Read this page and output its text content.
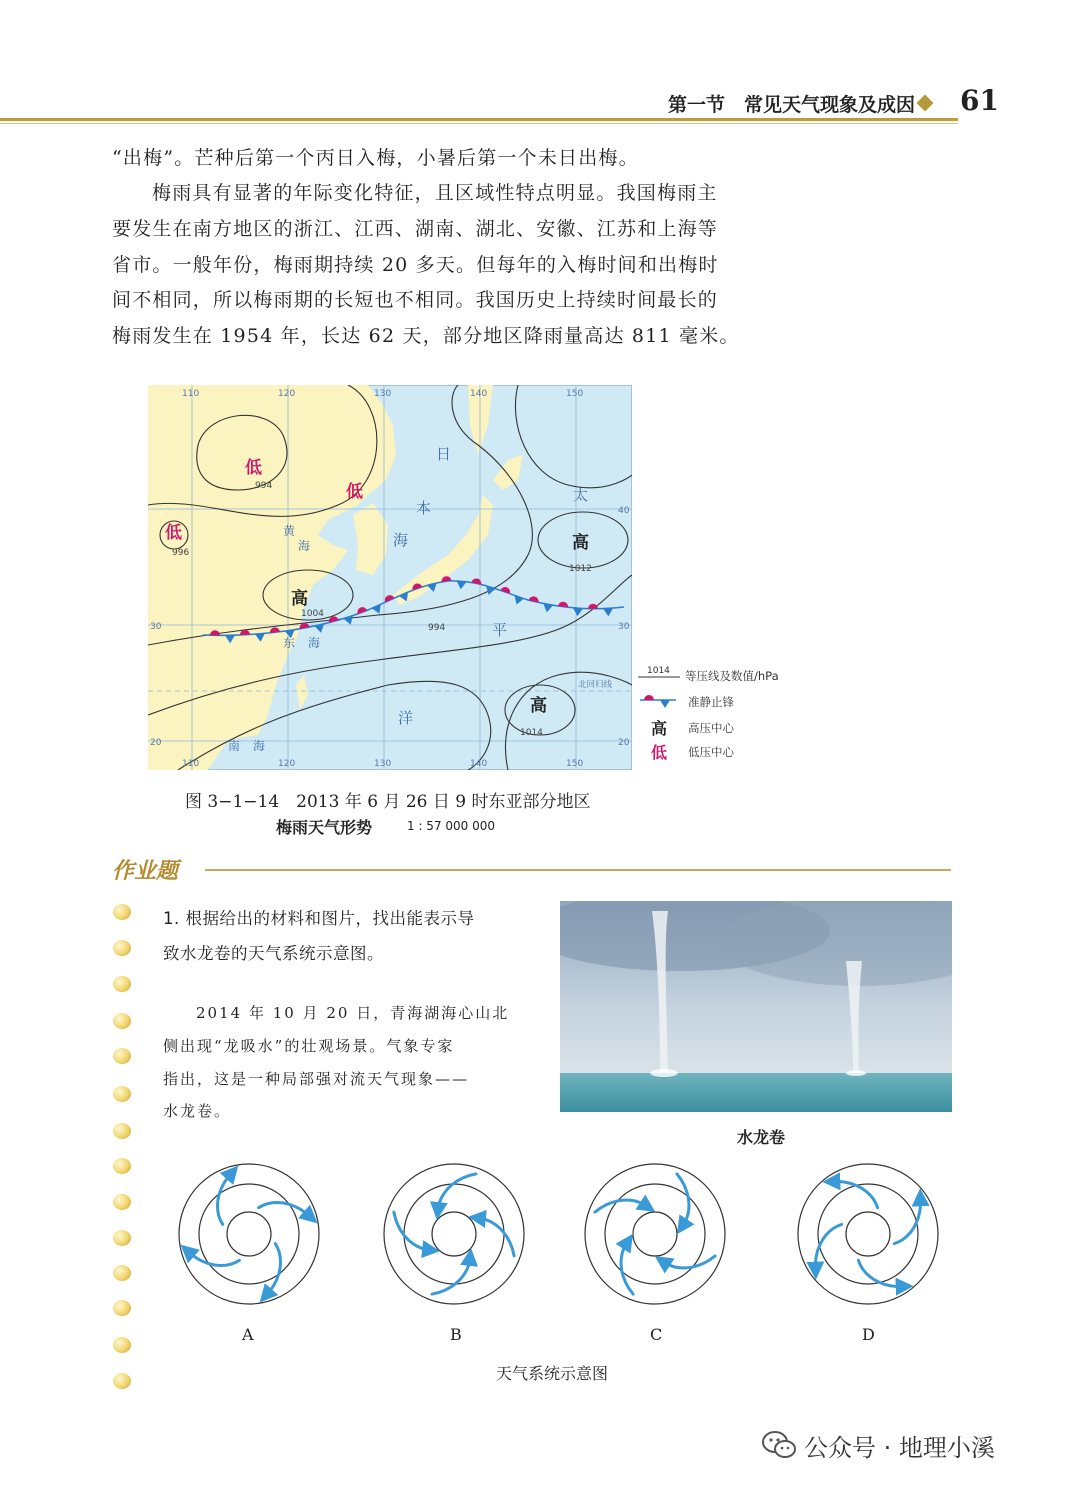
第一节　常见天气现象及成因 61
“出梅”。芒种后第一个丙日入梅，小暑后第一个未日出梅。
梅雨具有显著的年际变化特征，且区域性特点明显。我国梅雨主
要发生在南方地区的浙江、江西、湖南、湖北、安徽、江苏和上海等
省市。一般年份，梅雨期持续 20 多天。但每年的入梅时间和出梅时
间不相同，所以梅雨期的长短也不相同。我国历史上持续时间最长的
梅雨发生在 1954 年，长达 62 天，部分地区降雨量高达 811 毫米。
低
低
低
高
高
高
994
996
1004
994
1012
1014
110	120	130	140	150
110	120	130	140	150
40
30
20
30
20
北回归线
日
本
海
太
平
洋
东 海
黄
海
南 海
1014 等压线及数值/hPa
准静止锋
高 高压中心
低 低压中心
图 3−1−14　2013 年 6 月 26 日 9 时东亚部分地区
梅雨天气形势	1 : 57 000 000
作业题
1. 根据给出的材料和图片，找出能表示导
致水龙卷的天气系统示意图。
2014 年 10 月 20 日，青海湖海心山北
侧出现“龙吸水”的壮观场景。气象专家
指出，这是一种局部强对流天气现象——
水龙卷。
水龙卷
A	B	C	D
天气系统示意图
公众号 · 地理小溪
